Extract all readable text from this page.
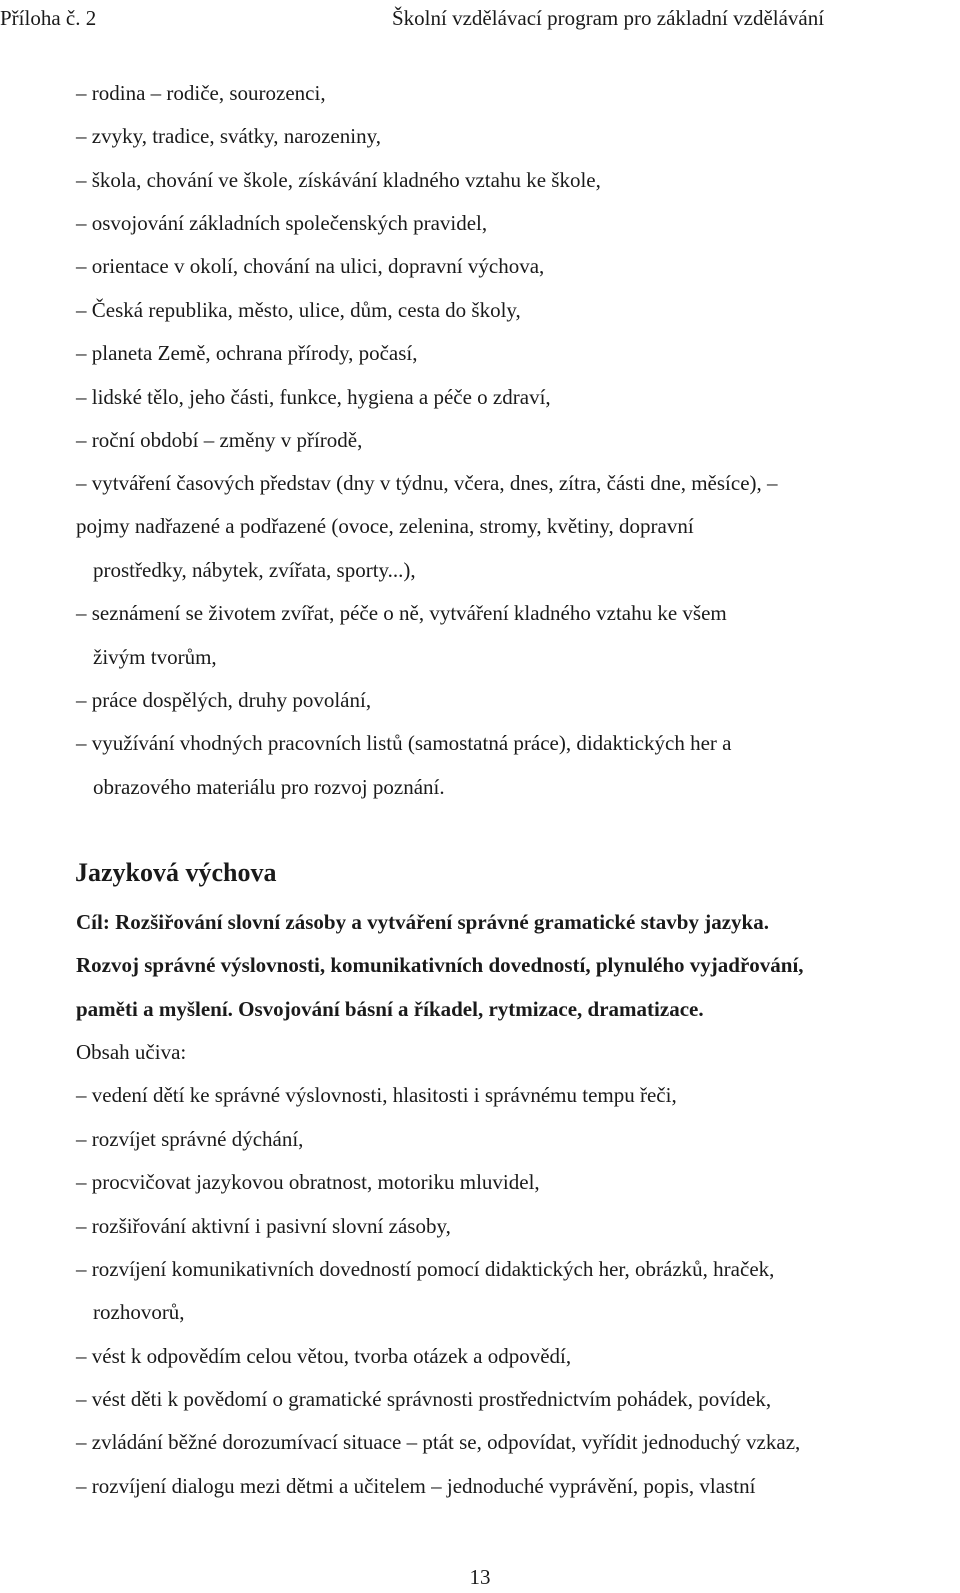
Příloha č. 2	Školní vzdělávací program pro základní vzdělávání
– rodina – rodiče, sourozenci,
– zvyky, tradice, svátky, narozeniny,
– škola, chování ve škole, získávání kladného vztahu ke škole,
– osvojování základních společenských pravidel,
– orientace v okolí, chování na ulici, dopravní výchova,
– Česká republika, město, ulice, dům, cesta do školy,
– planeta Země, ochrana přírody, počasí,
– lidské tělo, jeho části, funkce, hygiena a péče o zdraví,
– roční období – změny v přírodě,
– vytváření časových představ (dny v týdnu, včera, dnes, zítra, části dne, měsíce), –
pojmy nadřazené a podřazené (ovoce, zelenina, stromy, květiny, dopravní
prostředky, nábytek, zvířata, sporty...),
– seznámení se životem zvířat, péče o ně, vytváření kladného vztahu ke všem
živým tvorům,
– práce dospělých, druhy povolání,
– využívání vhodných pracovních listů (samostatná práce), didaktických her a
obrazového materiálu pro rozvoj poznání.
Jazyková výchova
Cíl: Rozšiřování slovní zásoby a vytváření správné gramatické stavby jazyka.
Rozvoj správné výslovnosti, komunikativních dovedností, plynulého vyjadřování,
paměti a myšlení. Osvojování básní a říkadel, rytmizace, dramatizace.
Obsah učiva:
– vedení dětí ke správné výslovnosti, hlasitosti i správnému tempu řeči,
– rozvíjet správné dýchání,
– procvičovat jazykovou obratnost, motoriku mluvidel,
– rozšiřování aktivní i pasivní slovní zásoby,
– rozvíjení komunikativních dovedností pomocí didaktických her, obrázků, hraček,
rozhovorů,
– vést k odpovědím celou větou, tvorba otázek a odpovědí,
– vést děti k povědomí o gramatické správnosti prostřednictvím pohádek, povídek,
– zvládání běžné dorozumívací situace – ptát se, odpovídat, vyřídit jednoduchý vzkaz,
– rozvíjení dialogu mezi dětmi a učitelem – jednoduché vyprávění, popis, vlastní
13
